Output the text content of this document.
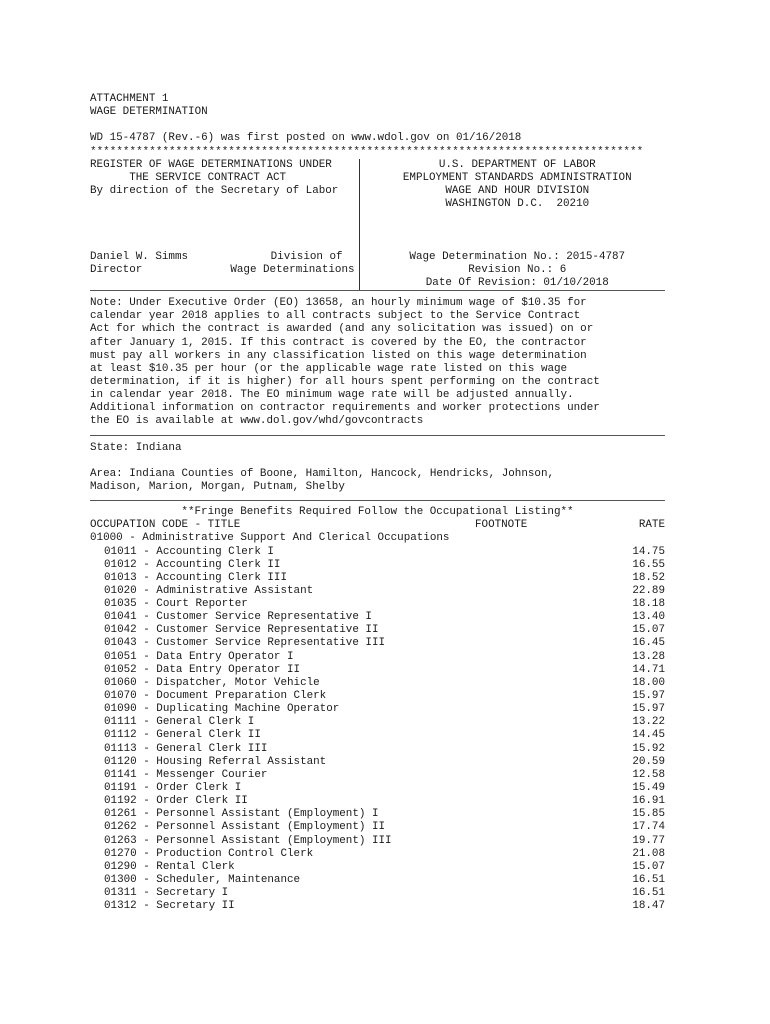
ATTACHMENT 1
WAGE DETERMINATION
WD 15-4787 (Rev.-6) was first posted on www.wdol.gov on 01/16/2018
************************************************************************************
REGISTER OF WAGE DETERMINATIONS UNDER
THE SERVICE CONTRACT ACT
By direction of the Secretary of Labor
Daniel W. Simms	Division of
Director	Wage Determinations
U.S. DEPARTMENT OF LABOR
EMPLOYMENT STANDARDS ADMINISTRATION
WAGE AND HOUR DIVISION
WASHINGTON D.C.  20210
Wage Determination No.: 2015-4787
Revision No.: 6
Date Of Revision: 01/10/2018
Note: Under Executive Order (EO) 13658, an hourly minimum wage of $10.35 for
calendar year 2018 applies to all contracts subject to the Service Contract
Act for which the contract is awarded (and any solicitation was issued) on or
after January 1, 2015. If this contract is covered by the EO, the contractor
must pay all workers in any classification listed on this wage determination
at least $10.35 per hour (or the applicable wage rate listed on this wage
determination, if it is higher) for all hours spent performing on the contract
in calendar year 2018. The EO minimum wage rate will be adjusted annually.
Additional information on contractor requirements and worker protections under
the EO is available at www.dol.gov/whd/govcontracts
State: Indiana
Area: Indiana Counties of Boone, Hamilton, Hancock, Hendricks, Johnson,
Madison, Marion, Morgan, Putnam, Shelby
**Fringe Benefits Required Follow the Occupational Listing**
OCCUPATION CODE - TITLE	FOOTNOTE	RATE
01000 - Administrative Support And Clerical Occupations
01011 - Accounting Clerk I	14.75
01012 - Accounting Clerk II	16.55
01013 - Accounting Clerk III	18.52
01020 - Administrative Assistant	22.89
01035 - Court Reporter	18.18
01041 - Customer Service Representative I	13.40
01042 - Customer Service Representative II	15.07
01043 - Customer Service Representative III	16.45
01051 - Data Entry Operator I	13.28
01052 - Data Entry Operator II	14.71
01060 - Dispatcher, Motor Vehicle	18.00
01070 - Document Preparation Clerk	15.97
01090 - Duplicating Machine Operator	15.97
01111 - General Clerk I	13.22
01112 - General Clerk II	14.45
01113 - General Clerk III	15.92
01120 - Housing Referral Assistant	20.59
01141 - Messenger Courier	12.58
01191 - Order Clerk I	15.49
01192 - Order Clerk II	16.91
01261 - Personnel Assistant (Employment) I	15.85
01262 - Personnel Assistant (Employment) II	17.74
01263 - Personnel Assistant (Employment) III	19.77
01270 - Production Control Clerk	21.08
01290 - Rental Clerk	15.07
01300 - Scheduler, Maintenance	16.51
01311 - Secretary I	16.51
01312 - Secretary II	18.47
